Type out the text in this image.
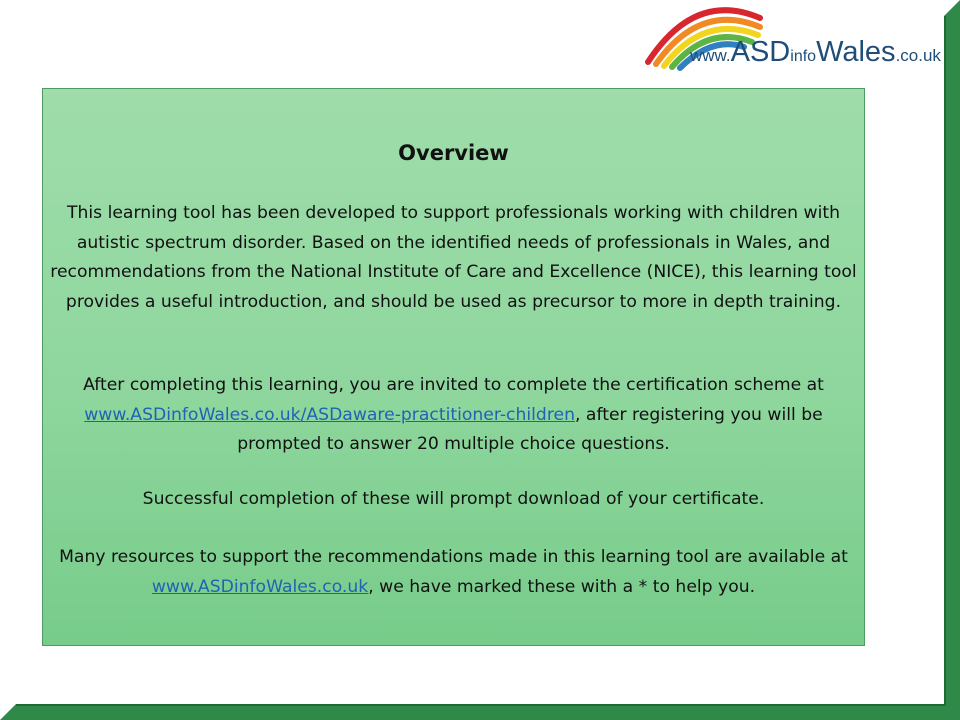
www.ASDinfoWales.co.uk
Overview
This learning tool has been developed to support professionals working with children with autistic spectrum disorder. Based on the identified needs of professionals in Wales, and recommendations from the National Institute of Care and Excellence (NICE), this learning tool provides a useful introduction, and should be used as precursor to more in depth training.
After completing this learning, you are invited to complete the certification scheme at www.ASDinfoWales.co.uk/ASDaware-practitioner-children, after registering you will be prompted to answer 20 multiple choice questions.
Successful completion of these will prompt download of your certificate.
Many resources to support the recommendations made in this learning tool are available at www.ASDinfoWales.co.uk, we have marked these with a * to help you.
